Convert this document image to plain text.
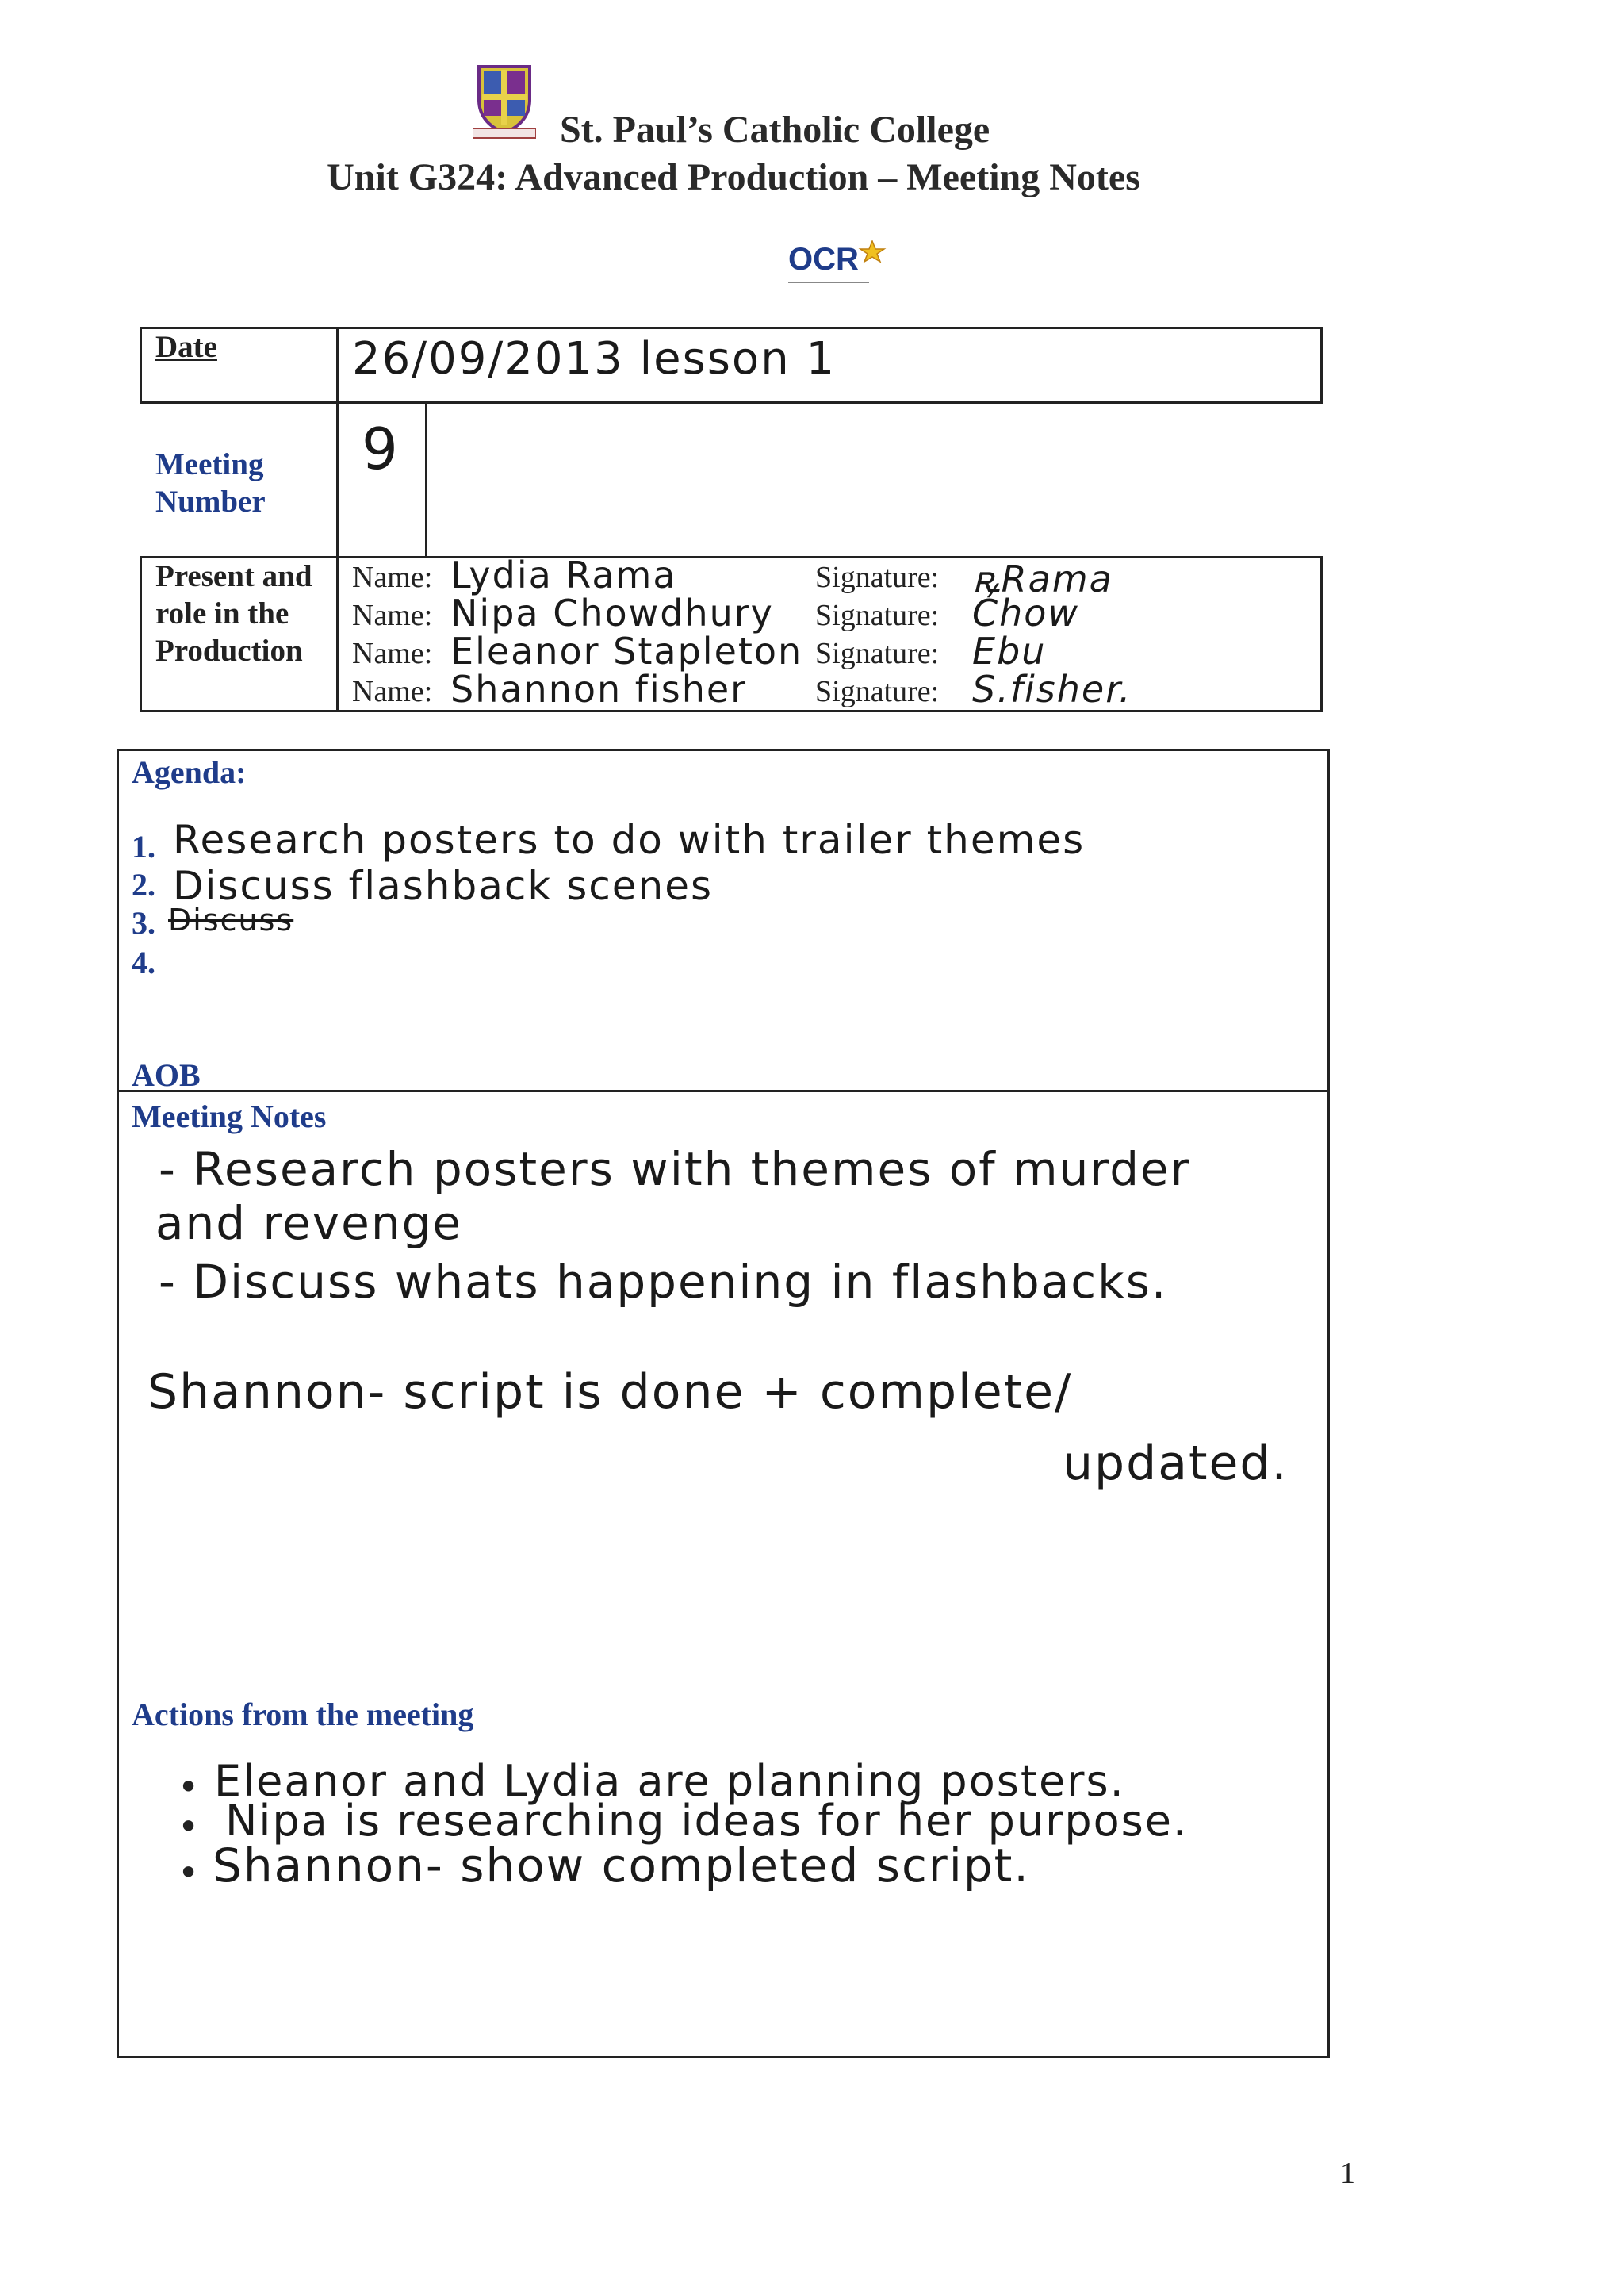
St. Paul’s Catholic College
Unit G324: Advanced Production – Meeting Notes
OCR
Date	26/09/2013 lesson 1
Meeting Number
9
Present and role in the Production
Name: Lydia Rama	Signature: ꝶRama
Name: Nipa Chowdhury Signature: Chow
Name: Eleanor Stapleton Signature: Ebu
Name: Shannon fisher Signature: S.fisher.
Agenda:
1. Research posters to do with trailer themes
2. Discuss flashback scenes
3. Discuss
4.
AOB
Meeting Notes
- Research posters with themes of murder
and revenge
- Discuss whats happening in flashbacks.
Shannon- script is done + complete/
updated.
Actions from the meeting
• Eleanor and Lydia are planning posters.
• Nipa is researching ideas for her purpose.
• Shannon- show completed script.
1
